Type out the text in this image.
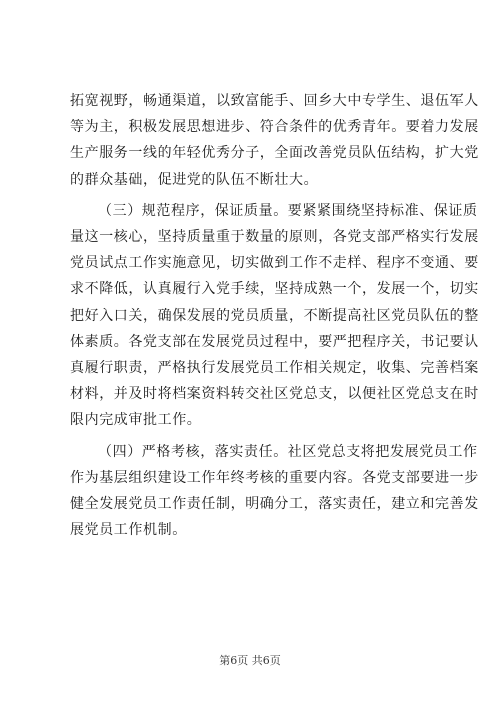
拓宽视野，畅通渠道，以致富能手、回乡大中专学生、退伍军人
等为主，积极发展思想进步、符合条件的优秀青年。要着力发展
生产服务一线的年轻优秀分子，全面改善党员队伍结构，扩大党
的群众基础，促进党的队伍不断壮大。

（三）规范程序，保证质量。要紧紧围绕坚持标准、保证质
量这一核心，坚持质量重于数量的原则，各党支部严格实行发展
党员试点工作实施意见，切实做到工作不走样、程序不变通、要
求不降低，认真履行入党手续，坚持成熟一个，发展一个，切实
把好入口关，确保发展的党员质量，不断提高社区党员队伍的整
体素质。各党支部在发展党员过程中，要严把程序关，书记要认
真履行职责，严格执行发展党员工作相关规定，收集、完善档案
材料，并及时将档案资料转交社区党总支，以便社区党总支在时
限内完成审批工作。

（四）严格考核，落实责任。社区党总支将把发展党员工作
作为基层组织建设工作年终考核的重要内容。各党支部要进一步
健全发展党员工作责任制，明确分工，落实责任，建立和完善发
展党员工作机制。

第6页 共6页
